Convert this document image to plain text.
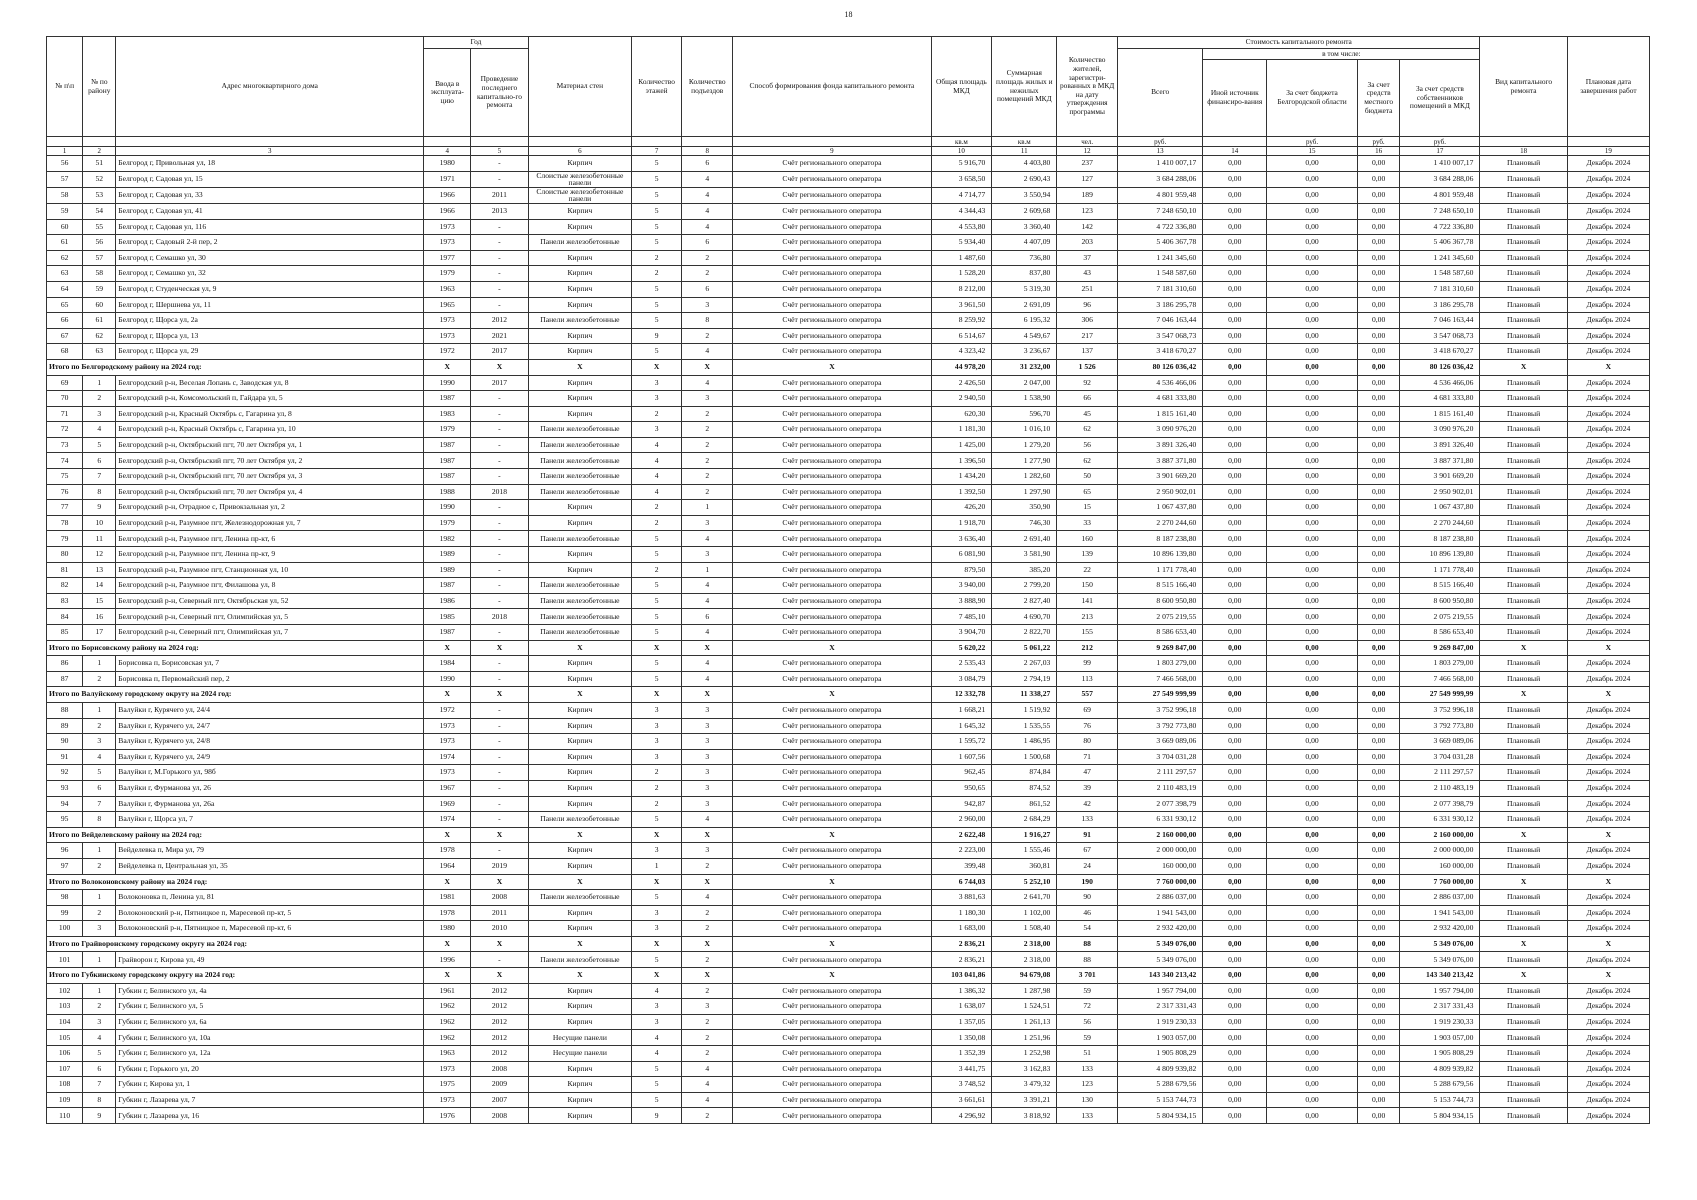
18
№ п\п	№ по району	Адрес многоквартирного дома	Год		Материал стен	Количество этажей	Количество подъездов	Способ формирования фонда капитального ремонта	Общая площадь МКД	Суммарная площадь жилых и нежилых помещений МКД	Количество жителей, зарегистри-рованных в МКД на дату утверждения программы	Стоимость капитального ремонта					Вид капитального ремонта	Плановая дата завершения работ
			Ввода в эксплуата-цию	Проведение последнего капитально-го ремонта								Всего	в том числе:					
													Иной источник финансиро-вания	За счет бюджета Белгородской области	За счет средств местного бюджета	За счет средств собственников помещений в МКД		
									кв.м	кв.м	чел.	руб.		руб.	руб.	руб.		
1	2	3	4	5	6	7	8	9	10	11	12	13	14	15	16	17	18	19
56	51	Белгород г, Привольная ул, 18	1980	-	Кирпич	5	6	Счёт регионального оператора	5 916,70	4 403,80	237	1 410 007,17	0,00	0,00	0,00	1 410 007,17	Плановый	Декабрь 2024
57	52	Белгород г, Садовая ул, 15	1971	-	Слоистые железобетонные панели	5	4	Счёт регионального оператора	3 658,50	2 690,43	127	3 684 288,06	0,00	0,00	0,00	3 684 288,06	Плановый	Декабрь 2024
58	53	Белгород г, Садовая ул, 33	1966	2011	Слоистые железобетонные панели	5	4	Счёт регионального оператора	4 714,77	3 550,94	189	4 801 959,48	0,00	0,00	0,00	4 801 959,48	Плановый	Декабрь 2024
59	54	Белгород г, Садовая ул, 41	1966	2013	Кирпич	5	4	Счёт регионального оператора	4 344,43	2 609,68	123	7 248 650,10	0,00	0,00	0,00	7 248 650,10	Плановый	Декабрь 2024
60	55	Белгород г, Садовая ул, 116	1973	-	Кирпич	5	4	Счёт регионального оператора	4 553,80	3 360,40	142	4 722 336,80	0,00	0,00	0,00	4 722 336,80	Плановый	Декабрь 2024
61	56	Белгород г, Садовый 2-й пер, 2	1973	-	Панели железобетонные	5	6	Счёт регионального оператора	5 934,40	4 407,09	203	5 406 367,78	0,00	0,00	0,00	5 406 367,78	Плановый	Декабрь 2024
62	57	Белгород г, Семашко ул, 30	1977	-	Кирпич	2	2	Счёт регионального оператора	1 487,60	736,80	37	1 241 345,60	0,00	0,00	0,00	1 241 345,60	Плановый	Декабрь 2024
63	58	Белгород г, Семашко ул, 32	1979	-	Кирпич	2	2	Счёт регионального оператора	1 528,20	837,80	43	1 548 587,60	0,00	0,00	0,00	1 548 587,60	Плановый	Декабрь 2024
64	59	Белгород г, Студенческая ул, 9	1963	-	Кирпич	5	6	Счёт регионального оператора	8 212,00	5 319,30	251	7 181 310,60	0,00	0,00	0,00	7 181 310,60	Плановый	Декабрь 2024
65	60	Белгород г, Шершнева ул, 11	1965	-	Кирпич	5	3	Счёт регионального оператора	3 961,50	2 691,09	96	3 186 295,78	0,00	0,00	0,00	3 186 295,78	Плановый	Декабрь 2024
66	61	Белгород г, Щорса ул, 2а	1973	2012	Панели железобетонные	5	8	Счёт регионального оператора	8 259,92	6 195,32	306	7 046 163,44	0,00	0,00	0,00	7 046 163,44	Плановый	Декабрь 2024
67	62	Белгород г, Щорса ул, 13	1973	2021	Кирпич	9	2	Счёт регионального оператора	6 514,67	4 549,67	217	3 547 068,73	0,00	0,00	0,00	3 547 068,73	Плановый	Декабрь 2024
68	63	Белгород г, Щорса ул, 29	1972	2017	Кирпич	5	4	Счёт регионального оператора	4 323,42	3 236,67	137	3 418 670,27	0,00	0,00	0,00	3 418 670,27	Плановый	Декабрь 2024
Итого по Белгородскому району на 2024 год:			X	X	X	X	X	X	44 978,20	31 232,00	1 526	80 126 036,42	0,00	0,00	0,00	80 126 036,42	X	X
69	1	Белгородский р-н, Веселая Лопань с, Заводская ул, 8	1990	2017	Кирпич	3	4	Счёт регионального оператора	2 426,50	2 047,00	92	4 536 466,06	0,00	0,00	0,00	4 536 466,06	Плановый	Декабрь 2024
70	2	Белгородский р-н, Комсомольский п, Гайдара ул, 5	1987	-	Кирпич	3	3	Счёт регионального оператора	2 940,50	1 538,90	66	4 681 333,80	0,00	0,00	0,00	4 681 333,80	Плановый	Декабрь 2024
71	3	Белгородский р-н, Красный Октябрь с, Гагарина ул, 8	1983	-	Кирпич	2	2	Счёт регионального оператора	620,30	596,70	45	1 815 161,40	0,00	0,00	0,00	1 815 161,40	Плановый	Декабрь 2024
72	4	Белгородский р-н, Красный Октябрь с, Гагарина ул, 10	1979	-	Панели железобетонные	3	2	Счёт регионального оператора	1 181,30	1 016,10	62	3 090 976,20	0,00	0,00	0,00	3 090 976,20	Плановый	Декабрь 2024
73	5	Белгородский р-н, Октябрьский пгт, 70 лет Октября ул, 1	1987	-	Панели железобетонные	4	2	Счёт регионального оператора	1 425,00	1 279,20	56	3 891 326,40	0,00	0,00	0,00	3 891 326,40	Плановый	Декабрь 2024
74	6	Белгородский р-н, Октябрьский пгт, 70 лет Октября ул, 2	1987	-	Панели железобетонные	4	2	Счёт регионального оператора	1 396,50	1 277,90	62	3 887 371,80	0,00	0,00	0,00	3 887 371,80	Плановый	Декабрь 2024
75	7	Белгородский р-н, Октябрьский пгт, 70 лет Октября ул, 3	1987	-	Панели железобетонные	4	2	Счёт регионального оператора	1 434,20	1 282,60	50	3 901 669,20	0,00	0,00	0,00	3 901 669,20	Плановый	Декабрь 2024
76	8	Белгородский р-н, Октябрьский пгт, 70 лет Октября ул, 4	1988	2018	Панели железобетонные	4	2	Счёт регионального оператора	1 392,50	1 297,90	65	2 950 902,01	0,00	0,00	0,00	2 950 902,01	Плановый	Декабрь 2024
77	9	Белгородский р-н, Отрадное с, Привокзальная ул, 2	1990	-	Кирпич	2	1	Счёт регионального оператора	426,20	350,90	15	1 067 437,80	0,00	0,00	0,00	1 067 437,80	Плановый	Декабрь 2024
78	10	Белгородский р-н, Разумное пгт, Железнодорожная ул, 7	1979	-	Кирпич	2	3	Счёт регионального оператора	1 918,70	746,30	33	2 270 244,60	0,00	0,00	0,00	2 270 244,60	Плановый	Декабрь 2024
79	11	Белгородский р-н, Разумное пгт, Ленина пр-кт, 6	1982	-	Панели железобетонные	5	4	Счёт регионального оператора	3 636,40	2 691,40	160	8 187 238,80	0,00	0,00	0,00	8 187 238,80	Плановый	Декабрь 2024
80	12	Белгородский р-н, Разумное пгт, Ленина пр-кт, 9	1989	-	Кирпич	5	3	Счёт регионального оператора	6 081,90	3 581,90	139	10 896 139,80	0,00	0,00	0,00	10 896 139,80	Плановый	Декабрь 2024
81	13	Белгородский р-н, Разумное пгт, Станционная ул, 10	1989	-	Кирпич	2	1	Счёт регионального оператора	879,50	385,20	22	1 171 778,40	0,00	0,00	0,00	1 171 778,40	Плановый	Декабрь 2024
82	14	Белгородский р-н, Разумное пгт, Филашова ул, 8	1987	-	Панели железобетонные	5	4	Счёт регионального оператора	3 940,00	2 799,20	150	8 515 166,40	0,00	0,00	0,00	8 515 166,40	Плановый	Декабрь 2024
83	15	Белгородский р-н, Северный пгт, Октябрьская ул, 52	1986	-	Панели железобетонные	5	4	Счёт регионального оператора	3 888,90	2 827,40	141	8 600 950,80	0,00	0,00	0,00	8 600 950,80	Плановый	Декабрь 2024
84	16	Белгородский р-н, Северный пгт, Олимпийская ул, 5	1985	2018	Панели железобетонные	5	6	Счёт регионального оператора	7 485,10	4 690,70	213	2 075 219,55	0,00	0,00	0,00	2 075 219,55	Плановый	Декабрь 2024
85	17	Белгородский р-н, Северный пгт, Олимпийская ул, 7	1987	-	Панели железобетонные	5	4	Счёт регионального оператора	3 904,70	2 822,70	155	8 586 653,40	0,00	0,00	0,00	8 586 653,40	Плановый	Декабрь 2024
Итого по Борисовскому району на 2024 год:			X	X	X	X	X	X	5 620,22	5 061,22	212	9 269 847,00	0,00	0,00	0,00	9 269 847,00	X	X
86	1	Борисовка п, Борисовская ул, 7	1984	-	Кирпич	5	4	Счёт регионального оператора	2 535,43	2 267,03	99	1 803 279,00	0,00	0,00	0,00	1 803 279,00	Плановый	Декабрь 2024
87	2	Борисовка п, Первомайский пер, 2	1990	-	Кирпич	5	4	Счёт регионального оператора	3 084,79	2 794,19	113	7 466 568,00	0,00	0,00	0,00	7 466 568,00	Плановый	Декабрь 2024
Итого по Валуйскому городскому округу на 2024 год:			X	X	X	X	X	X	12 332,78	11 338,27	557	27 549 999,99	0,00	0,00	0,00	27 549 999,99	X	X
88	1	Валуйки г, Курячего ул, 24/4	1972	-	Кирпич	3	3	Счёт регионального оператора	1 668,21	1 519,92	69	3 752 996,18	0,00	0,00	0,00	3 752 996,18	Плановый	Декабрь 2024
89	2	Валуйки г, Курячего ул, 24/7	1973	-	Кирпич	3	3	Счёт регионального оператора	1 645,32	1 535,55	76	3 792 773,80	0,00	0,00	0,00	3 792 773,80	Плановый	Декабрь 2024
90	3	Валуйки г, Курячего ул, 24/8	1973	-	Кирпич	3	3	Счёт регионального оператора	1 595,72	1 486,95	80	3 669 089,06	0,00	0,00	0,00	3 669 089,06	Плановый	Декабрь 2024
91	4	Валуйки г, Курячего ул, 24/9	1974	-	Кирпич	3	3	Счёт регионального оператора	1 607,56	1 500,68	71	3 704 031,28	0,00	0,00	0,00	3 704 031,28	Плановый	Декабрь 2024
92	5	Валуйки г, М.Горького ул, 98б	1973	-	Кирпич	2	3	Счёт регионального оператора	962,45	874,84	47	2 111 297,57	0,00	0,00	0,00	2 111 297,57	Плановый	Декабрь 2024
93	6	Валуйки г, Фурманова ул, 26	1967	-	Кирпич	2	3	Счёт регионального оператора	950,65	874,52	39	2 110 483,19	0,00	0,00	0,00	2 110 483,19	Плановый	Декабрь 2024
94	7	Валуйки г, Фурманова ул, 26а	1969	-	Кирпич	2	3	Счёт регионального оператора	942,87	861,52	42	2 077 398,79	0,00	0,00	0,00	2 077 398,79	Плановый	Декабрь 2024
95	8	Валуйки г, Щорса ул, 7	1974	-	Панели железобетонные	5	4	Счёт регионального оператора	2 960,00	2 684,29	133	6 331 930,12	0,00	0,00	0,00	6 331 930,12	Плановый	Декабрь 2024
Итого по Вейделевскому району на 2024 год:			X	X	X	X	X	X	2 622,48	1 916,27	91	2 160 000,00	0,00	0,00	0,00	2 160 000,00	X	X
96	1	Вейделевка п, Мира ул, 79	1978	-	Кирпич	3	3	Счёт регионального оператора	2 223,00	1 555,46	67	2 000 000,00	0,00	0,00	0,00	2 000 000,00	Плановый	Декабрь 2024
97	2	Вейделевка п, Центральная ул, 35	1964	2019	Кирпич	1	2	Счёт регионального оператора	399,48	360,81	24	160 000,00	0,00	0,00	0,00	160 000,00	Плановый	Декабрь 2024
Итого по Волоконовскому району на 2024 год:			X	X	X	X	X	X	6 744,03	5 252,10	190	7 760 000,00	0,00	0,00	0,00	7 760 000,00	X	X
98	1	Волоконовка п, Ленина ул, 81	1981	2008	Панели железобетонные	5	4	Счёт регионального оператора	3 881,63	2 641,70	90	2 886 037,00	0,00	0,00	0,00	2 886 037,00	Плановый	Декабрь 2024
99	2	Волоконовский р-н, Пятницкое п, Маресевой пр-кт, 5	1978	2011	Кирпич	3	2	Счёт регионального оператора	1 180,30	1 102,00	46	1 941 543,00	0,00	0,00	0,00	1 941 543,00	Плановый	Декабрь 2024
100	3	Волоконовский р-н, Пятницкое п, Маресевой пр-кт, 6	1980	2010	Кирпич	3	2	Счёт регионального оператора	1 683,00	1 508,40	54	2 932 420,00	0,00	0,00	0,00	2 932 420,00	Плановый	Декабрь 2024
Итого по Грайворонскому городскому округу на 2024 год:			X	X	X	X	X	X	2 836,21	2 318,00	88	5 349 076,00	0,00	0,00	0,00	5 349 076,00	X	X
101	1	Грайворон г, Кирова ул, 49	1996	-	Панели железобетонные	5	2	Счёт регионального оператора	2 836,21	2 318,00	88	5 349 076,00	0,00	0,00	0,00	5 349 076,00	Плановый	Декабрь 2024
Итого по Губкинскому городскому округу на 2024 год:			X	X	X	X	X	X	103 041,86	94 679,08	3 701	143 340 213,42	0,00	0,00	0,00	143 340 213,42	X	X
102	1	Губкин г, Белинского ул, 4а	1961	2012	Кирпич	4	2	Счёт регионального оператора	1 386,32	1 287,98	59	1 957 794,00	0,00	0,00	0,00	1 957 794,00	Плановый	Декабрь 2024
103	2	Губкин г, Белинского ул, 5	1962	2012	Кирпич	3	3	Счёт регионального оператора	1 638,07	1 524,51	72	2 317 331,43	0,00	0,00	0,00	2 317 331,43	Плановый	Декабрь 2024
104	3	Губкин г, Белинского ул, 6а	1962	2012	Кирпич	3	2	Счёт регионального оператора	1 357,05	1 261,13	56	1 919 230,33	0,00	0,00	0,00	1 919 230,33	Плановый	Декабрь 2024
105	4	Губкин г, Белинского ул, 10а	1962	2012	Несущие панели	4	2	Счёт регионального оператора	1 350,08	1 251,96	59	1 903 057,00	0,00	0,00	0,00	1 903 057,00	Плановый	Декабрь 2024
106	5	Губкин г, Белинского ул, 12а	1963	2012	Несущие панели	4	2	Счёт регионального оператора	1 352,39	1 252,98	51	1 905 808,29	0,00	0,00	0,00	1 905 808,29	Плановый	Декабрь 2024
107	6	Губкин г, Горького ул, 20	1973	2008	Кирпич	5	4	Счёт регионального оператора	3 441,75	3 162,83	133	4 809 939,82	0,00	0,00	0,00	4 809 939,82	Плановый	Декабрь 2024
108	7	Губкин г, Кирова ул, 1	1975	2009	Кирпич	5	4	Счёт регионального оператора	3 748,52	3 479,32	123	5 288 679,56	0,00	0,00	0,00	5 288 679,56	Плановый	Декабрь 2024
109	8	Губкин г, Лазарева ул, 7	1973	2007	Кирпич	5	4	Счёт регионального оператора	3 661,61	3 391,21	130	5 153 744,73	0,00	0,00	0,00	5 153 744,73	Плановый	Декабрь 2024
110	9	Губкин г, Лазарева ул, 16	1976	2008	Кирпич	9	2	Счёт регионального оператора	4 296,92	3 818,92	133	5 804 934,15	0,00	0,00	0,00	5 804 934,15	Плановый	Декабрь 2024
